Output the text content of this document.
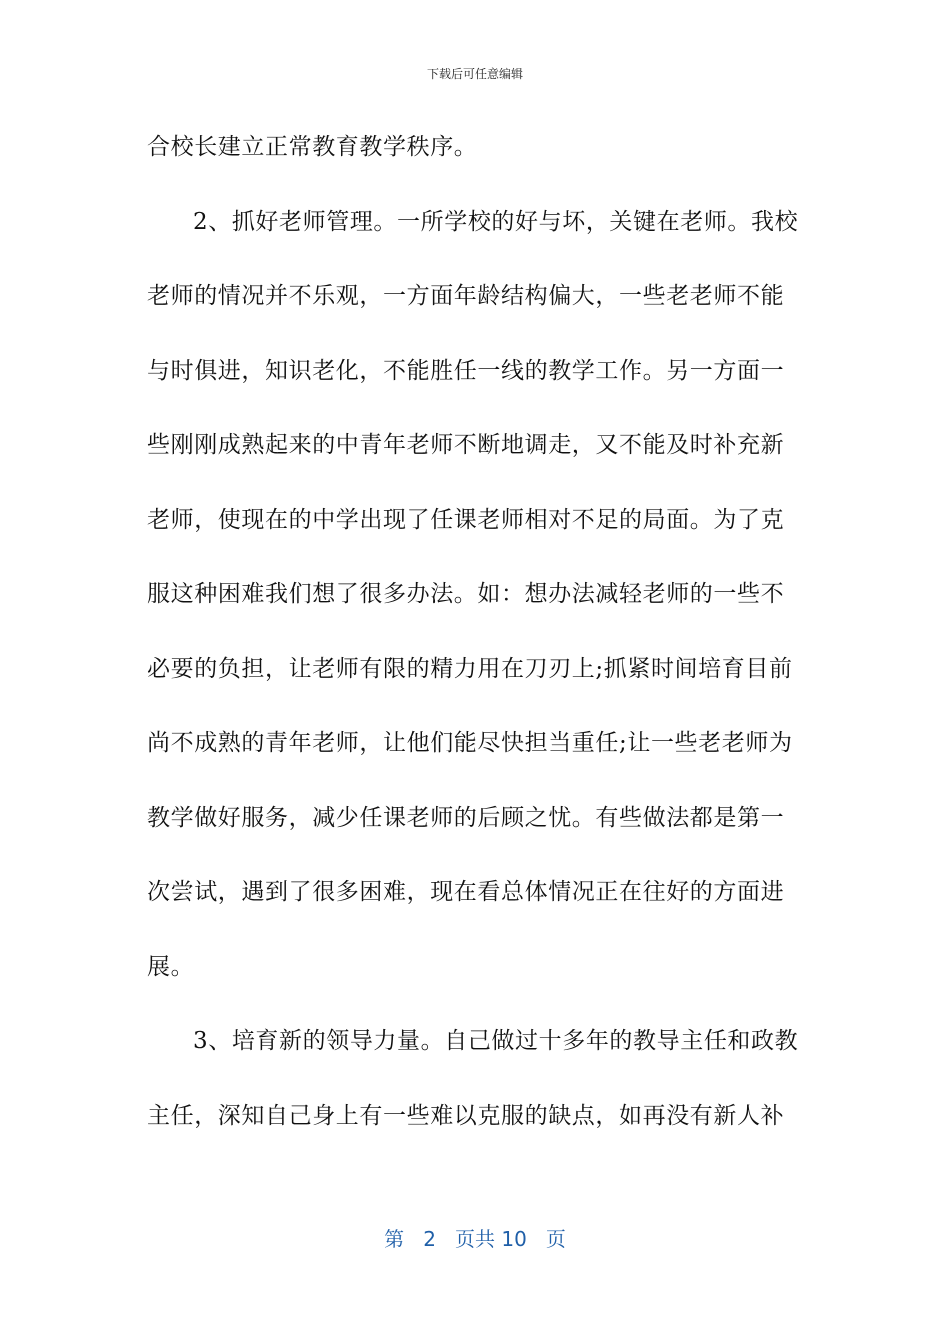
下载后可任意编辑
合校长建立正常教育教学秩序。
2、抓好老师管理。一所学校的好与坏，关键在老师。我校
老师的情况并不乐观，一方面年龄结构偏大，一些老老师不能
与时俱进，知识老化，不能胜任一线的教学工作。另一方面一
些刚刚成熟起来的中青年老师不断地调走，又不能及时补充新
老师，使现在的中学出现了任课老师相对不足的局面。为了克
服这种困难我们想了很多办法。如：想办法减轻老师的一些不
必要的负担，让老师有限的精力用在刀刃上;抓紧时间培育目前
尚不成熟的青年老师，让他们能尽快担当重任;让一些老老师为
教学做好服务，减少任课老师的后顾之忧。有些做法都是第一
次尝试，遇到了很多困难，现在看总体情况正在往好的方面进
展。
3、培育新的领导力量。自己做过十多年的教导主任和政教
主任，深知自己身上有一些难以克服的缺点，如再没有新人补
第 2 页共 10 页
